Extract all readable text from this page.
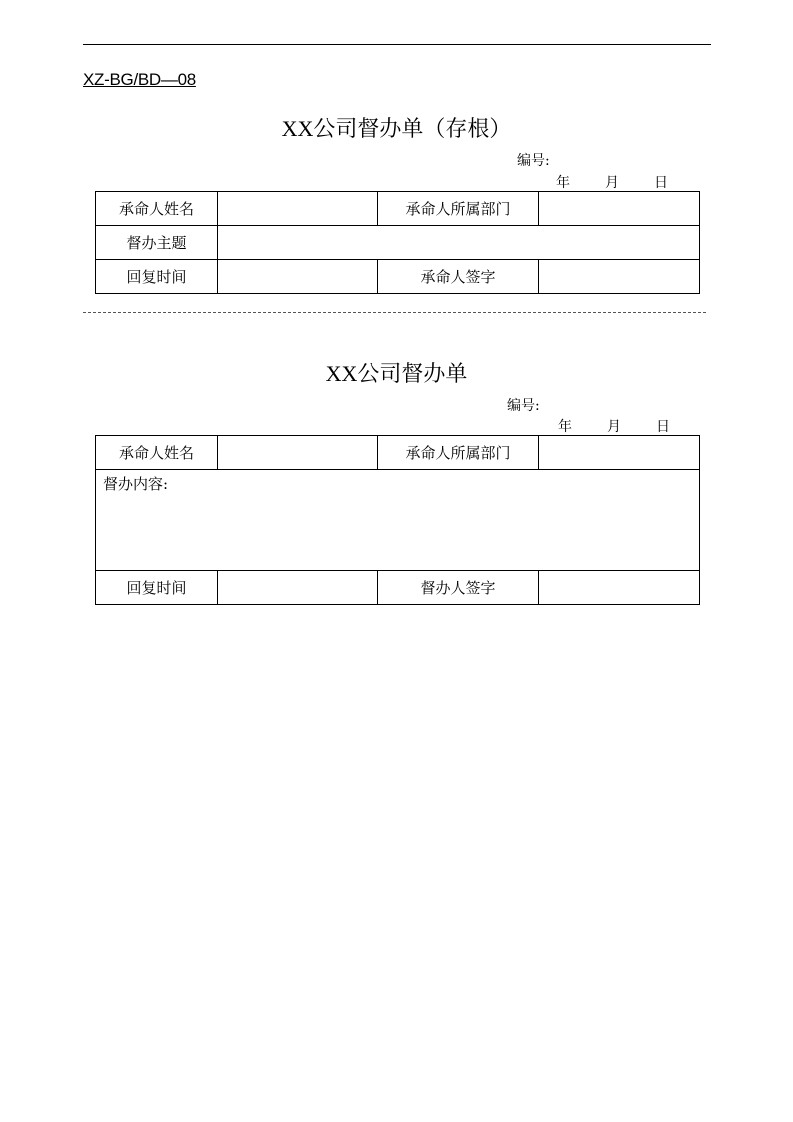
XZ-BG/BD—08
XX公司督办单（存根）
编号:
年	月	日
承命人姓名		承命人所属部门	
督办主题			
回复时间		承命人签字	
XX公司督办单
编号:
年	月	日
承命人姓名		承命人所属部门	
督办内容:			
回复时间		督办人签字	
